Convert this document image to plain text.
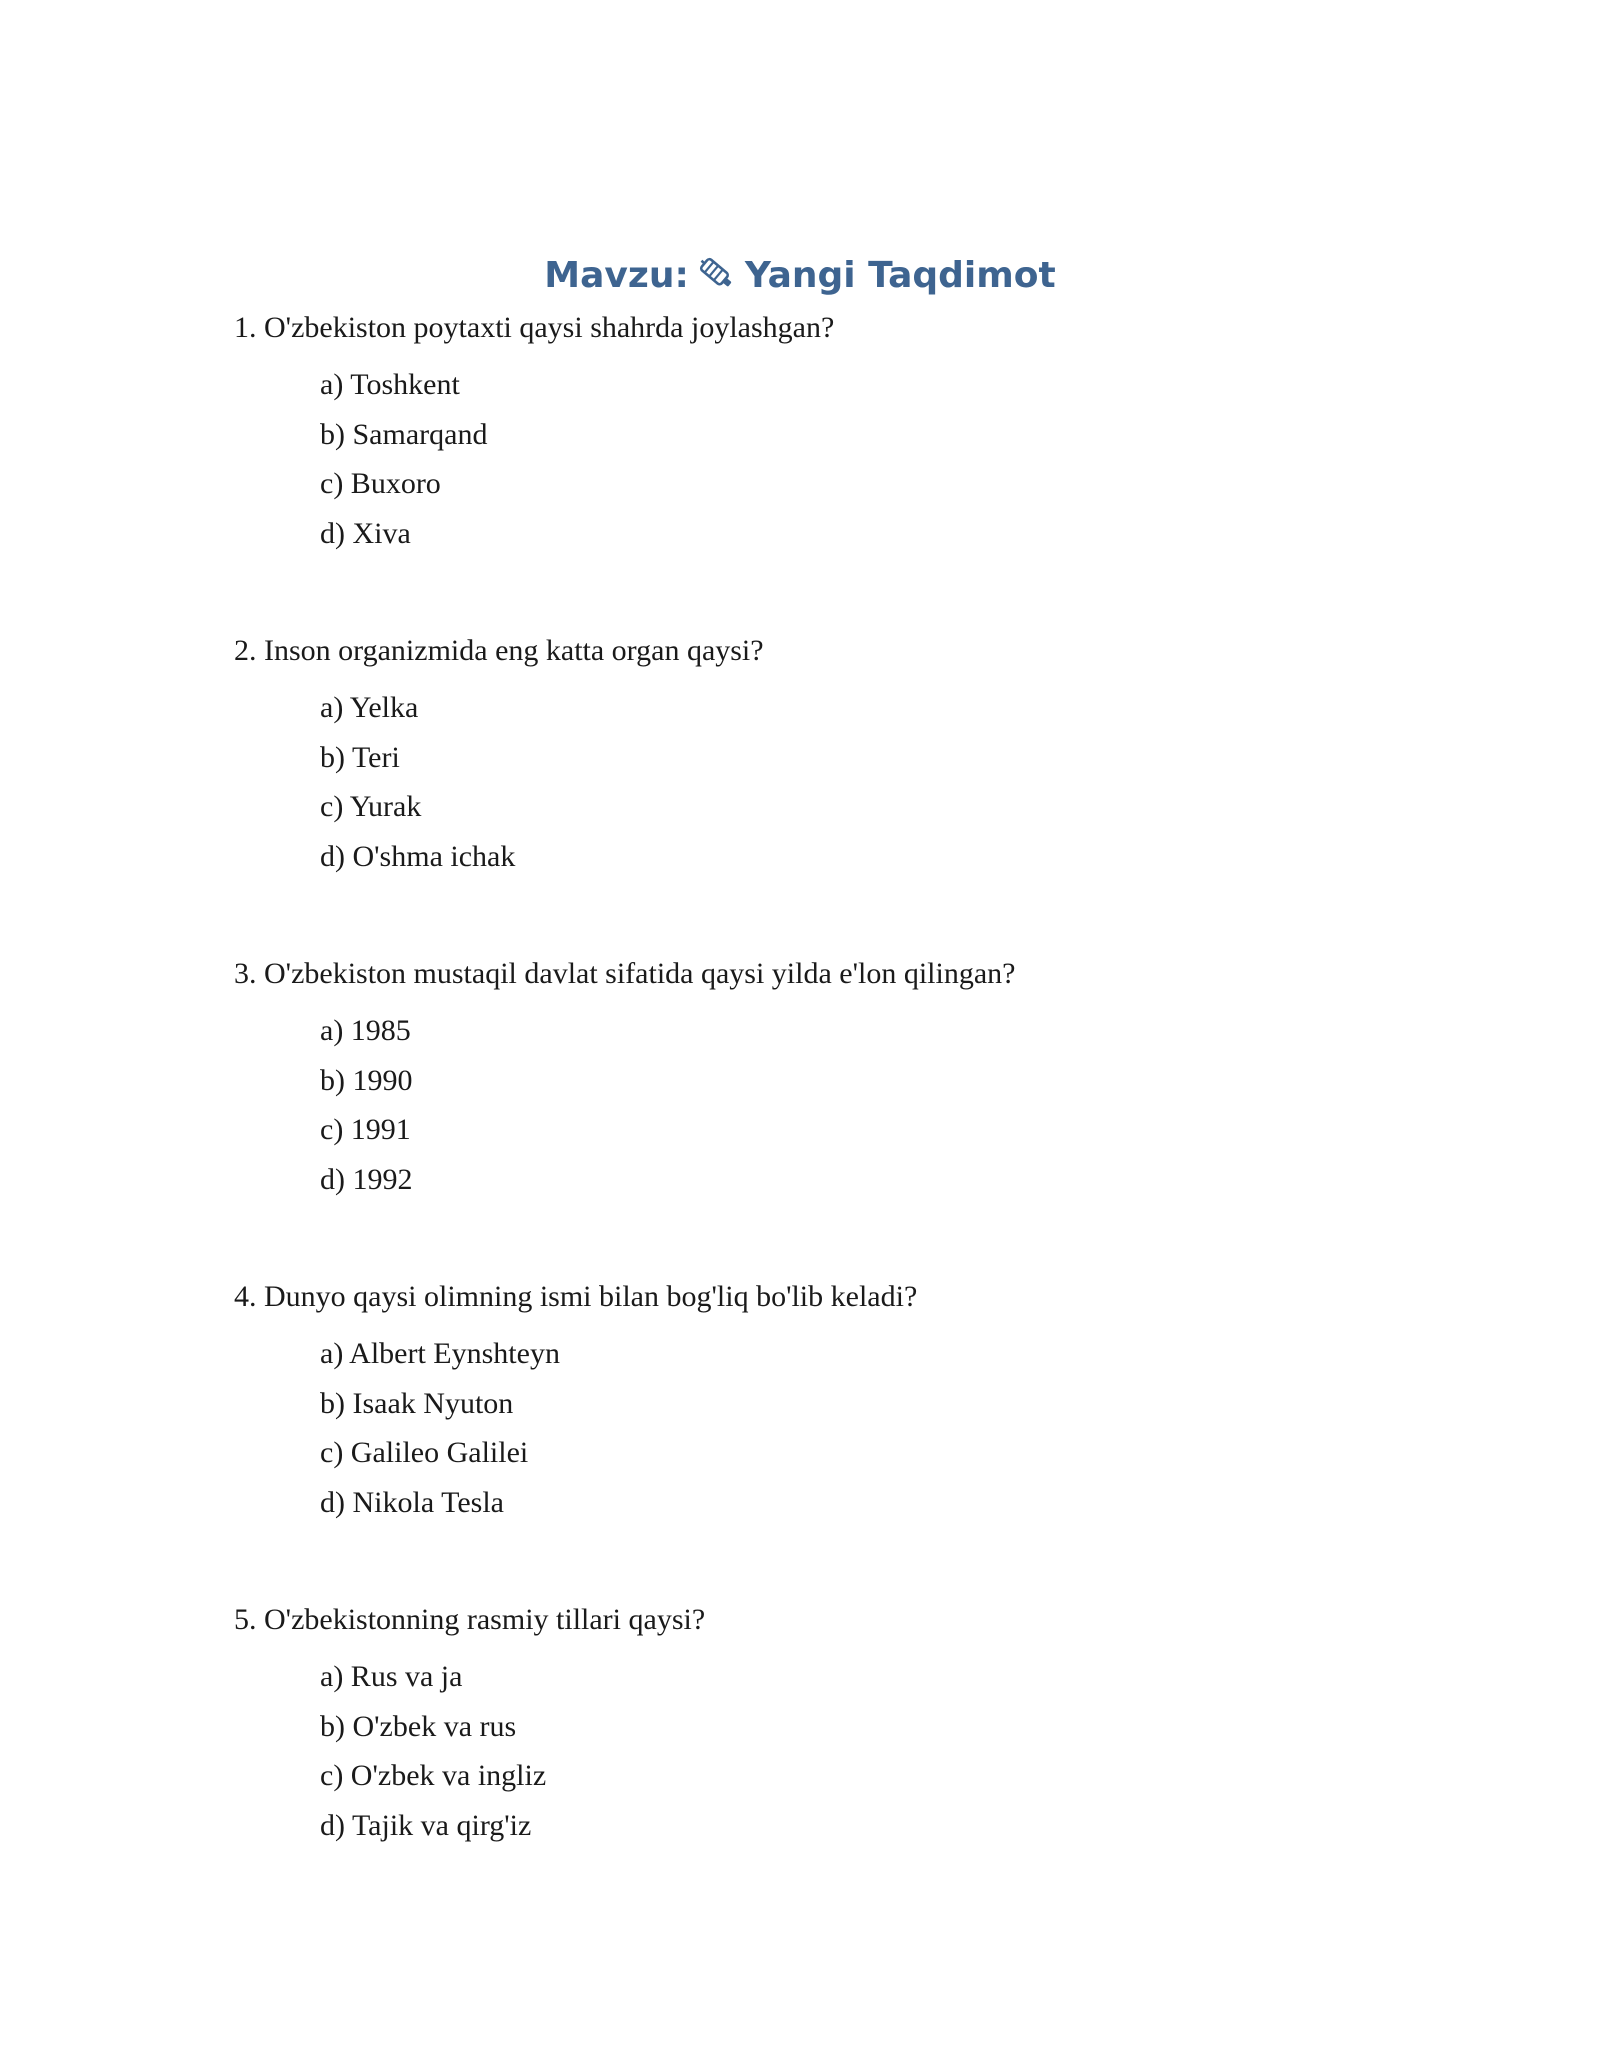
Mavzu: Yangi Taqdimot
1. O'zbekiston poytaxti qaysi shahrda joylashgan?
a) Toshkent
b) Samarqand
c) Buxoro
d) Xiva
2. Inson organizmida eng katta organ qaysi?
a) Yelka
b) Teri
c) Yurak
d) O'shma ichak
3. O'zbekiston mustaqil davlat sifatida qaysi yilda e'lon qilingan?
a) 1985
b) 1990
c) 1991
d) 1992
4. Dunyo qaysi olimning ismi bilan bog'liq bo'lib keladi?
a) Albert Eynshteyn
b) Isaak Nyuton
c) Galileo Galilei
d) Nikola Tesla
5. O'zbekistonning rasmiy tillari qaysi?
a) Rus va ja
b) O'zbek va rus
c) O'zbek va ingliz
d) Tajik va qirg'iz
